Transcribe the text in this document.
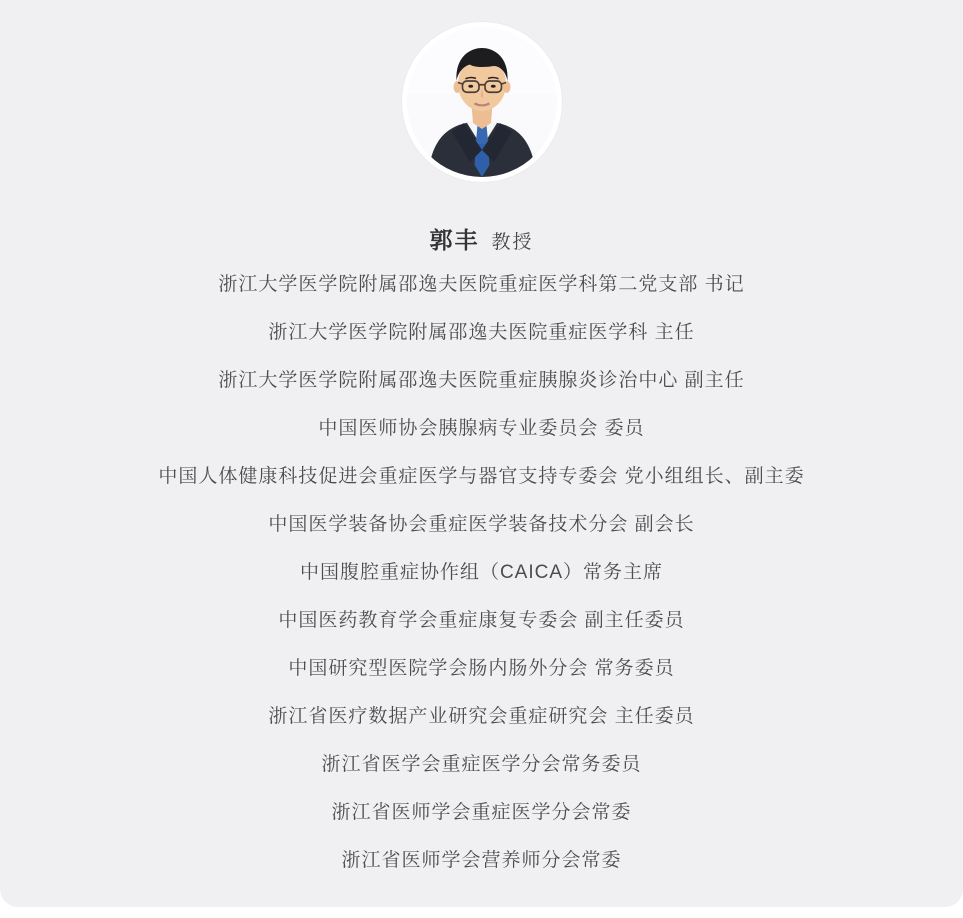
郭丰 教授
浙江大学医学院附属邵逸夫医院重症医学科第二党支部 书记
浙江大学医学院附属邵逸夫医院重症医学科 主任
浙江大学医学院附属邵逸夫医院重症胰腺炎诊治中心 副主任
中国医师协会胰腺病专业委员会 委员
中国人体健康科技促进会重症医学与器官支持专委会 党小组组长、副主委
中国医学装备协会重症医学装备技术分会 副会长
中国腹腔重症协作组（CAICA）常务主席
中国医药教育学会重症康复专委会 副主任委员
中国研究型医院学会肠内肠外分会 常务委员
浙江省医疗数据产业研究会重症研究会 主任委员
浙江省医学会重症医学分会常务委员
浙江省医师学会重症医学分会常委
浙江省医师学会营养师分会常委
